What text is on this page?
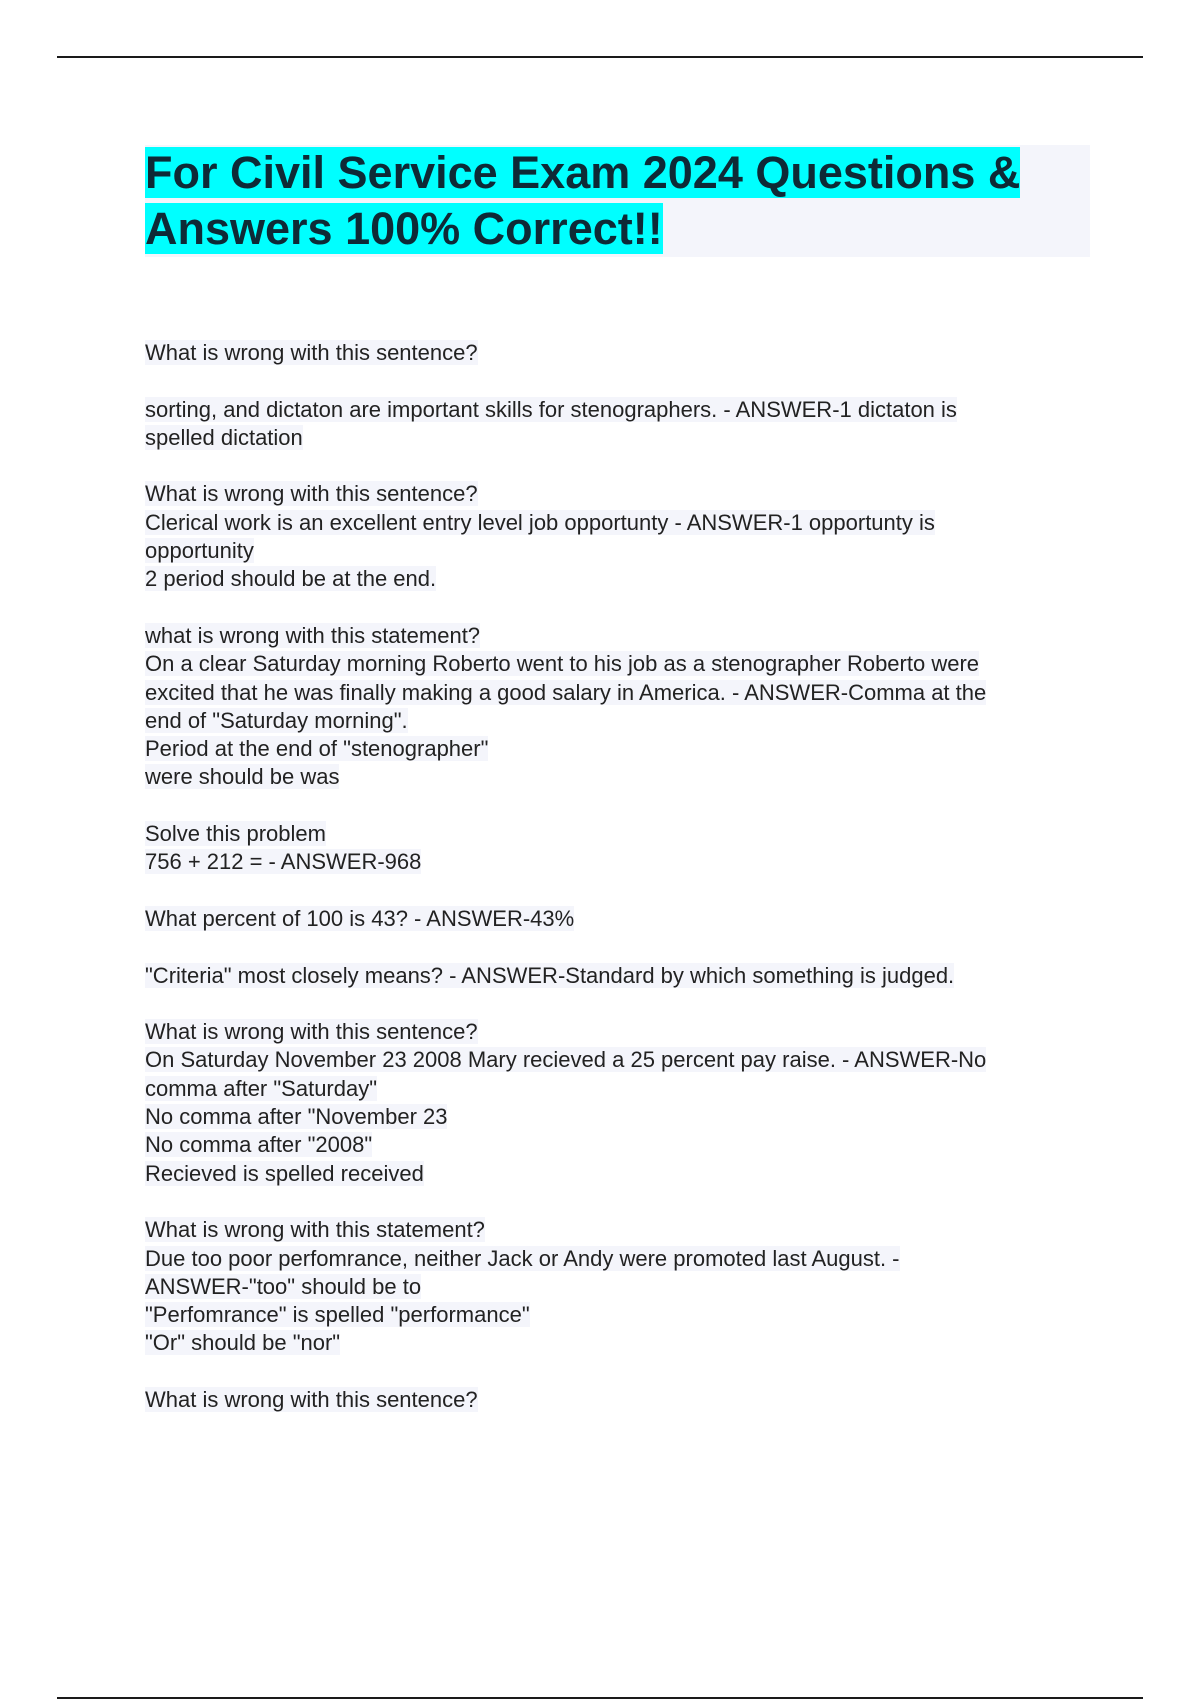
For Civil Service Exam 2024 Questions & Answers 100% Correct!!
What is wrong with this sentence?
sorting, and dictaton are important skills for stenographers. - ANSWER-1 dictaton is
spelled dictation
What is wrong with this sentence?
Clerical work is an excellent entry level job opportunty - ANSWER-1 opportunty is
opportunity
2 period should be at the end.
what is wrong with this statement?
On a clear Saturday morning Roberto went to his job as a stenographer Roberto were
excited that he was finally making a good salary in America. - ANSWER-Comma at the
end of "Saturday morning".
Period at the end of "stenographer"
were should be was
Solve this problem
756 + 212 = - ANSWER-968
What percent of 100 is 43? - ANSWER-43%
"Criteria" most closely means? - ANSWER-Standard by which something is judged.
What is wrong with this sentence?
On Saturday November 23 2008 Mary recieved a 25 percent pay raise. - ANSWER-No
comma after "Saturday"
No comma after "November 23
No comma after "2008"
Recieved is spelled received
What is wrong with this statement?
Due too poor perfomrance, neither Jack or Andy were promoted last August. -
ANSWER-"too" should be to
"Perfomrance" is spelled "performance"
"Or" should be "nor"
What is wrong with this sentence?
